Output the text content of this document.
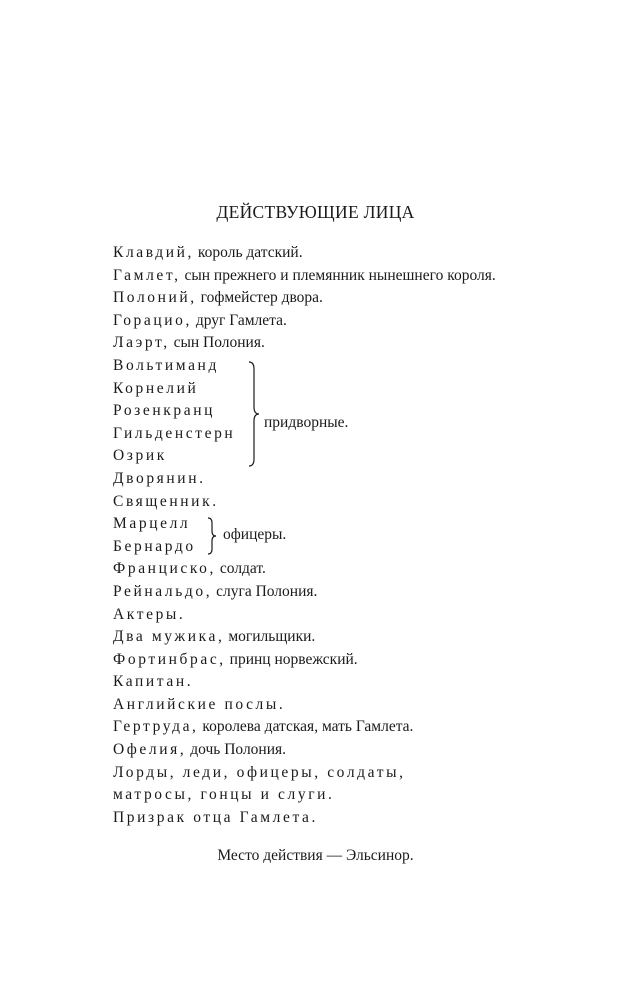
ДЕЙСТВУЮЩИЕ ЛИЦА
Клавдий, король датский.
Гамлет, сын прежнего и племянник нынешнего короля.
Полоний, гофмейстер двора.
Горацио, друг Гамлета.
Лаэрт, сын Полония.
Вольтиманд
Корнелий
Розенкранц
Гильденстерн
Озрик
придворные.
Дворянин.
Священник.
Марцелл
Бернардо
офицеры.
Франциско, солдат.
Рейнальдо, слуга Полония.
Актеры.
Два мужика, могильщики.
Фортинбрас, принц норвежский.
Капитан.
Английские послы.
Гертруда, королева датская, мать Гамлета.
Офелия, дочь Полония.
Лорды, леди, офицеры, солдаты,
матросы, гонцы и слуги.
Призрак отца Гамлета.
Место действия — Эльсинор.
